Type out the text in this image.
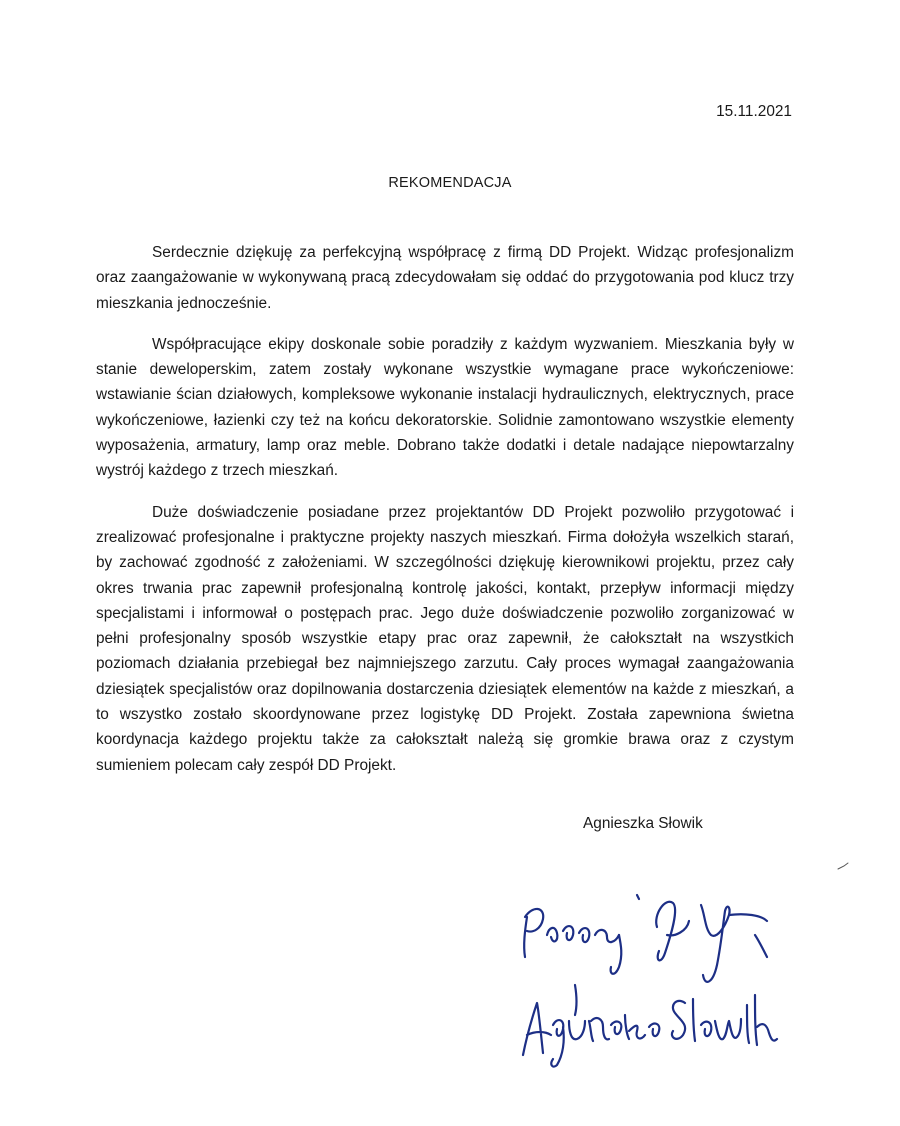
15.11.2021
REKOMENDACJA

Serdecznie dziękuję za perfekcyjną współpracę z firmą DD Projekt. Widząc profesjonalizm oraz zaangażowanie w wykonywaną pracą zdecydowałam się oddać do przygotowania pod klucz trzy mieszkania jednocześnie.

Współpracujące ekipy doskonale sobie poradziły z każdym wyzwaniem. Mieszkania były w stanie deweloperskim, zatem zostały wykonane wszystkie wymagane prace wykończeniowe: wstawianie ścian działowych, kompleksowe wykonanie instalacji hydraulicznych, elektrycznych, prace wykończeniowe, łazienki czy też na końcu dekoratorskie. Solidnie zamontowano wszystkie elementy wyposażenia, armatury, lamp oraz meble. Dobrano także dodatki i detale nadające niepowtarzalny wystrój każdego z trzech mieszkań.

Duże doświadczenie posiadane przez projektantów DD Projekt pozwoliło przygotować i zrealizować profesjonalne i praktyczne projekty naszych mieszkań. Firma dołożyła wszelkich starań, by zachować zgodność z założeniami. W szczególności dziękuję kierownikowi projektu, przez cały okres trwania prac zapewnił profesjonalną kontrolę jakości, kontakt, przepływ informacji między specjalistami i informował o postępach prac. Jego duże doświadczenie pozwoliło zorganizować w pełni profesjonalny sposób wszystkie etapy prac oraz zapewnił, że całokształt na wszystkich poziomach działania przebiegał bez najmniejszego zarzutu. Cały proces wymagał zaangażowania dziesiątek specjalistów oraz dopilnowania dostarczenia dziesiątek elementów na każde z mieszkań, a to wszystko zostało skoordynowane przez logistykę DD Projekt. Została zapewniona świetna koordynacja każdego projektu także za całokształt należą się gromkie brawa oraz z czystym sumieniem polecam cały zespół DD Projekt.

Agnieszka Słowik
